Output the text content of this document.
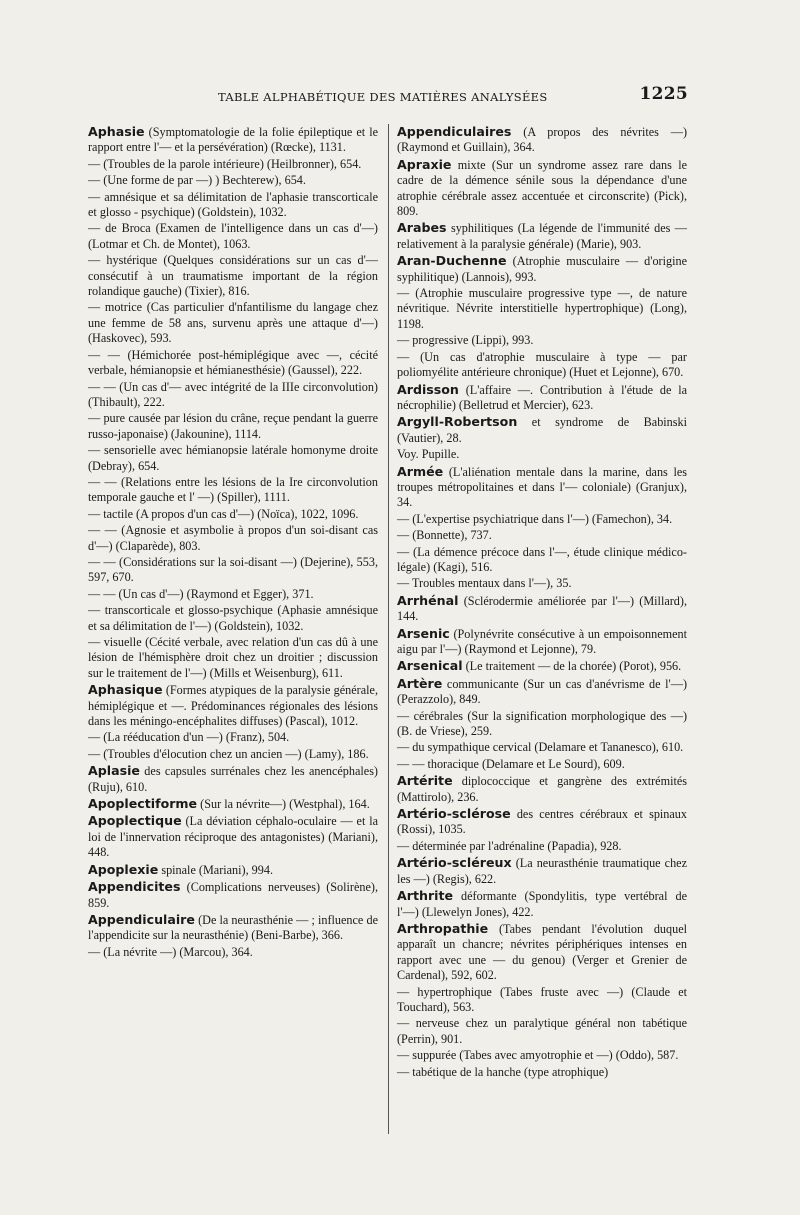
TABLE ALPHABÉTIQUE DES MATIÈRES ANALYSÉES	1225
Aphasie (Symptomatologie de la folie épileptique et le rapport entre l'— et la persévération) (Rœcke), 1131.
— (Troubles de la parole intérieure) (Heilbronner), 654.
— (Une forme de par —) ) Bechterew), 654.
— amnésique et sa délimitation de l'aphasie transcorticale et glosso - psychique) (Goldstein), 1032.
— de Broca (Examen de l'intelligence dans un cas d'—)(Lotmar et Ch. de Montet), 1063.
— hystérique (Quelques considérations sur un cas d'— consécutif à un traumatisme important de la région rolandique gauche) (Tixier), 816.
— motrice (Cas particulier d'nfantilisme du langage chez une femme de 58 ans, survenu après une attaque d'—) (Haskovec), 593.
— — (Hémichorée post-hémiplégique avec —, cécité verbale, hémianopsie et hémianesthésie) (Gaussel), 222.
— — (Un cas d'— avec intégrité de la IIIe circonvolution) (Thibault), 222.
— pure causée par lésion du crâne, reçue pendant la guerre russo-japonaise) (Jakounine), 1114.
— sensorielle avec hémianopsie latérale homonyme droite (Debray), 654.
— — (Relations entre les lésions de la Ire circonvolution temporale gauche et l' —) (Spiller), 1111.
— tactile (A propos d'un cas d'—) (Noïca), 1022, 1096.
— — (Agnosie et asymbolie à propos d'un soi-disant cas d'—) (Claparède), 803.
— — (Considérations sur la soi-disant —) (Dejerine), 553, 597, 670.
— — (Un cas d'—) (Raymond et Egger), 371.
— transcorticale et glosso-psychique (Aphasie amnésique et sa délimitation de l'—) (Goldstein), 1032.
— visuelle (Cécité verbale, avec relation d'un cas dû à une lésion de l'hémisphère droit chez un droitier ; discussion sur le traitement de l'—) (Mills et Weisenburg), 611.
Aphasique (Formes atypiques de la paralysie générale, hémiplégique et —. Prédominances régionales des lésions dans les méningo-encéphalites diffuses) (Pascal), 1012.
— (La rééducation d'un —) (Franz), 504.
— (Troubles d'élocution chez un ancien —) (Lamy), 186.
Aplasie des capsules surrénales chez les anencéphales) (Ruju), 610.
Apoplectiforme (Sur la névrite—) (Westphal), 164.
Apoplectique (La déviation céphalo-oculaire — et la loi de l'innervation réciproque des antagonistes) (Mariani), 448.
Apoplexie spinale (Mariani), 994.
Appendicites (Complications nerveuses) (Solirène), 859.
Appendiculaire (De la neurasthénie — ; influence de l'appendicite sur la neurasthénie) (Beni-Barbe), 366.
— (La névrite —) (Marcou), 364.
Appendiculaires (A propos des névrites —) (Raymond et Guillain), 364.
Apraxie mixte (Sur un syndrome assez rare dans le cadre de la démence sénile sous la dépendance d'une atrophie cérébrale assez accentuée et circonscrite) (Pick), 809.
Arabes syphilitiques (La légende de l'immunité des — relativement à la paralysie générale) (Marie), 903.
Aran-Duchenne (Atrophie musculaire — d'origine syphilitique) (Lannois), 993.
— (Atrophie musculaire progressive type —, de nature névritique. Névrite interstitielle hypertrophique) (Long), 1198.
— progressive (Lippi), 993.
— (Un cas d'atrophie musculaire à type — par poliomyélite antérieure chronique) (Huet et Lejonne), 670.
Ardisson (L'affaire —. Contribution à l'étude de la nécrophilie) (Belletrud et Mercier), 623.
Argyll-Robertson et syndrome de Babinski (Vautier), 28.
Voy. Pupille.
Armée (L'aliénation mentale dans la marine, dans les troupes métropolitaines et dans l'— coloniale) (Granjux), 34.
— (L'expertise psychiatrique dans l'—) (Famechon), 34.
— (Bonnette), 737.
— (La démence précoce dans l'—, étude clinique médico-légale) (Kagi), 516.
— Troubles mentaux dans l'—), 35.
Arrhénal (Sclérodermie améliorée par l'—) (Millard), 144.
Arsenic (Polynévrite consécutive à un empoisonnement aigu par l'—) (Raymond et Lejonne), 79.
Arsenical (Le traitement — de la chorée) (Porot), 956.
Artère communicante (Sur un cas d'anévrisme de l'—) (Perazzolo), 849.
— cérébrales (Sur la signification morphologique des —) (B. de Vriese), 259.
— du sympathique cervical (Delamare et Tananesco), 610.
— — thoracique (Delamare et Le Sourd), 609.
Artérite diplococcique et gangrène des extrémités (Mattirolo), 236.
Artério-sclérose des centres cérébraux et spinaux (Rossi), 1035.
— déterminée par l'adrénaline (Papadia), 928.
Artério-scléreux (La neurasthénie traumatique chez les —) (Regis), 622.
Arthrite déformante (Spondylitis, type vertébral de l'—) (Llewelyn Jones), 422.
Arthropathie (Tabes pendant l'évolution duquel apparaît un chancre; névrites périphériques intenses en rapport avec une — du genou) (Verger et Grenier de Cardenal), 592, 602.
— hypertrophique (Tabes fruste avec —) (Claude et Touchard), 563.
— nerveuse chez un paralytique général non tabétique (Perrin), 901.
— suppurée (Tabes avec amyotrophie et —) (Oddo), 587.
— tabétique de la hanche (type atrophique)
